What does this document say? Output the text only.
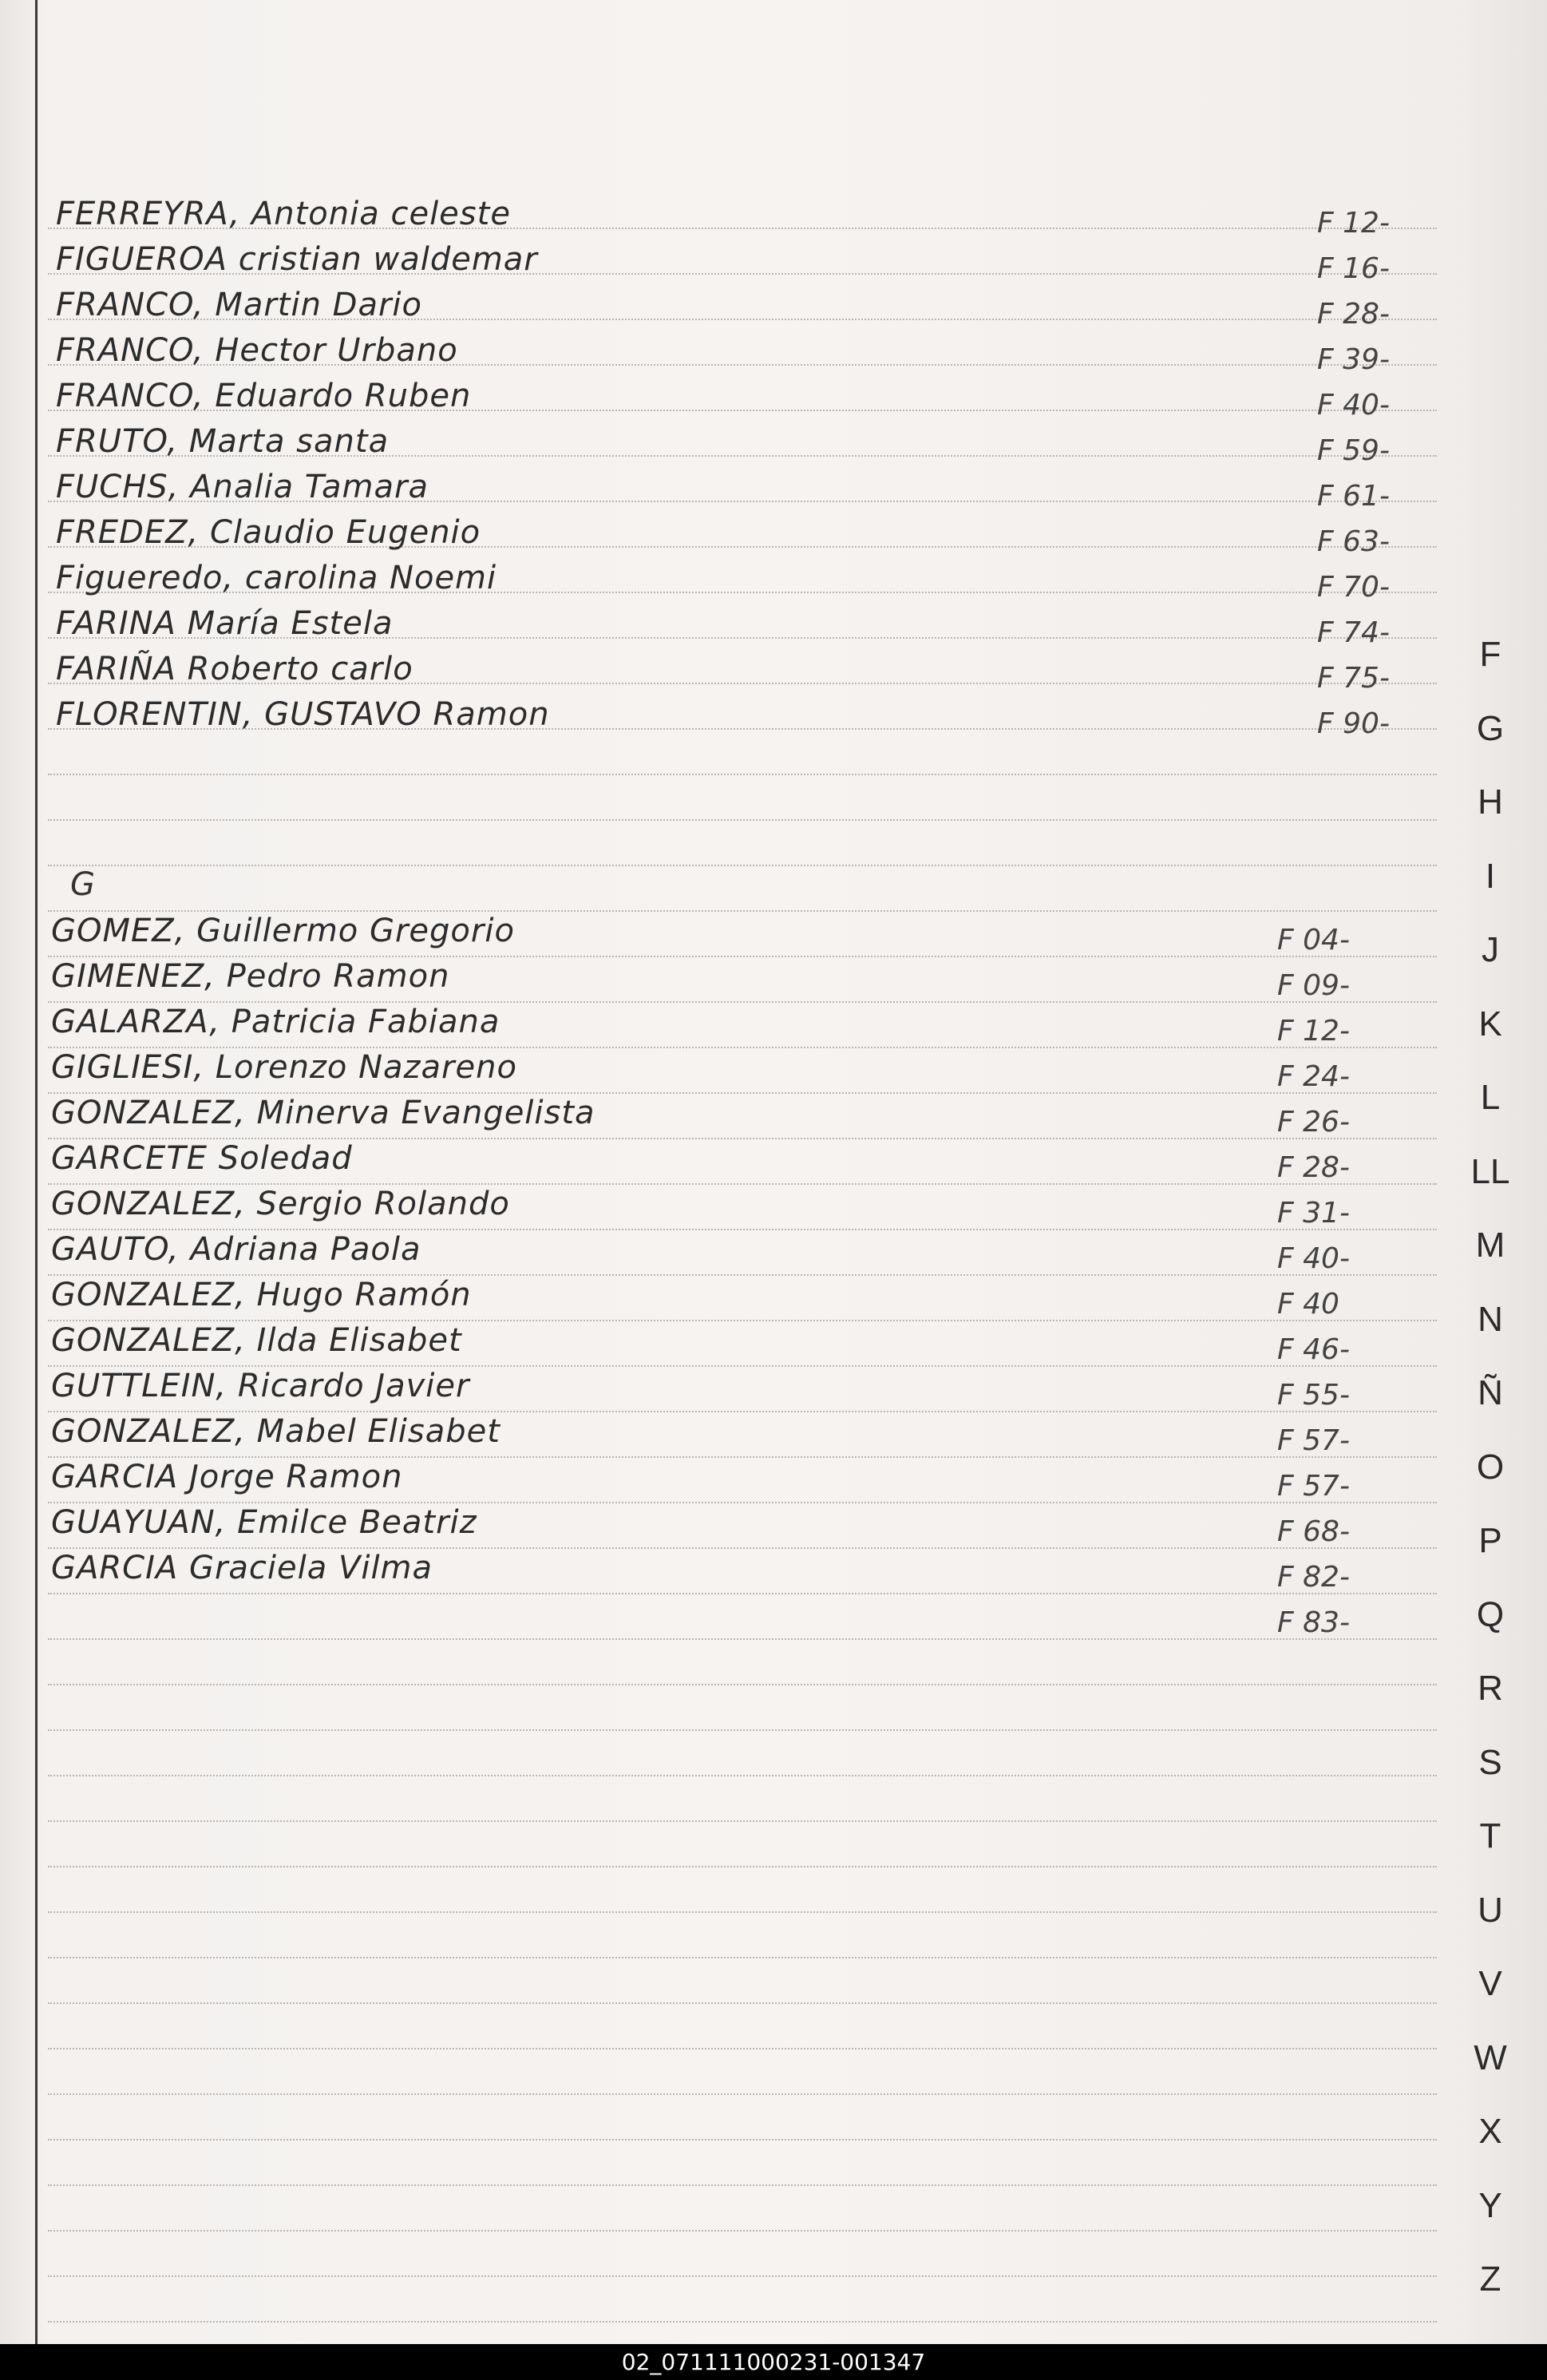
FERREYRA, Antonia celeste	F 12-
FIGUEROA cristian waldemar	F 16-
FRANCO, Martin Dario	F 28-
FRANCO, Hector Urbano	F 39-
FRANCO, Eduardo Ruben	F 40-
FRUTO, Marta santa	F 59-
FUCHS, Analia Tamara	F 61-
FREDEZ, Claudio Eugenio	F 63-
Figueredo, carolina Noemi	F 70-
FARINA María Estela	F 74-
FARIÑA Roberto carlo	F 75-
FLORENTIN, GUSTAVO Ramon	F 90-
G
GOMEZ, Guillermo Gregorio	F 04-
GIMENEZ, Pedro Ramon	F 09-
GALARZA, Patricia Fabiana	F 12-
GIGLIESI, Lorenzo Nazareno	F 24-
GONZALEZ, Minerva Evangelista	F 26-
GARCETE Soledad	F 28-
GONZALEZ, Sergio Rolando	F 31-
GAUTO, Adriana Paola	F 40-
GONZALEZ, Hugo Ramón	F 40
GONZALEZ, Ilda Elisabet	F 46-
GUTTLEIN, Ricardo Javier	F 55-
GONZALEZ, Mabel Elisabet	F 57-
GARCIA Jorge Ramon	F 57-
GUAYUAN, Emilce Beatriz	F 68-
GARCIA Graciela Vilma	F 82-
F 83-
F
G
H
I
J
K
L
LL
M
N
Ñ
O
P
Q
R
S
T
U
V
W
X
Y
Z
02_071111000231-001347
